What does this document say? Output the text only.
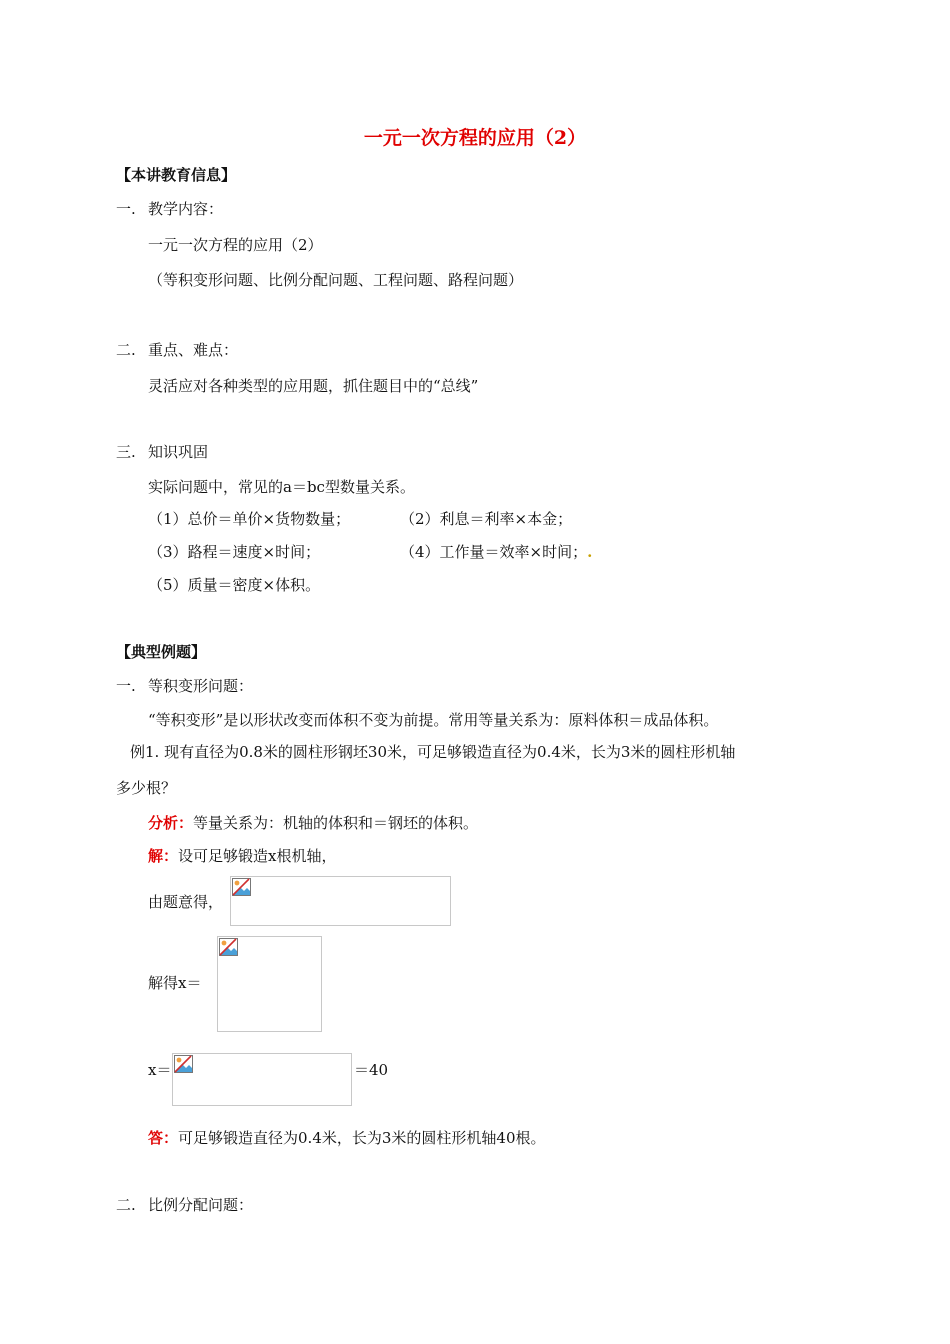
一元一次方程的应用（2）
【本讲教育信息】
一. 教学内容：
一元一次方程的应用（2）
（等积变形问题、比例分配问题、工程问题、路程问题）
二. 重点、难点：
灵活应对各种类型的应用题，抓住题目中的“总线”
三. 知识巩固
实际问题中，常见的a＝bc型数量关系。
（1）总价＝单价×货物数量；	（2）利息＝利率×本金；
（3）路程＝速度×时间；	（4）工作量＝效率×时间；.
（5）质量＝密度×体积。
【典型例题】
一. 等积变形问题：
“等积变形”是以形状改变而体积不变为前提。常用等量关系为：原料体积＝成品体积。
例1. 现有直径为0.8米的圆柱形钢坯30米，可足够锻造直径为0.4米，长为3米的圆柱形机轴
多少根？
分析：等量关系为：机轴的体积和＝钢坯的体积。
解：设可足够锻造x根机轴，
由题意得，
解得x＝
x＝	＝40
答：可足够锻造直径为0.4米，长为3米的圆柱形机轴40根。
二. 比例分配问题：
